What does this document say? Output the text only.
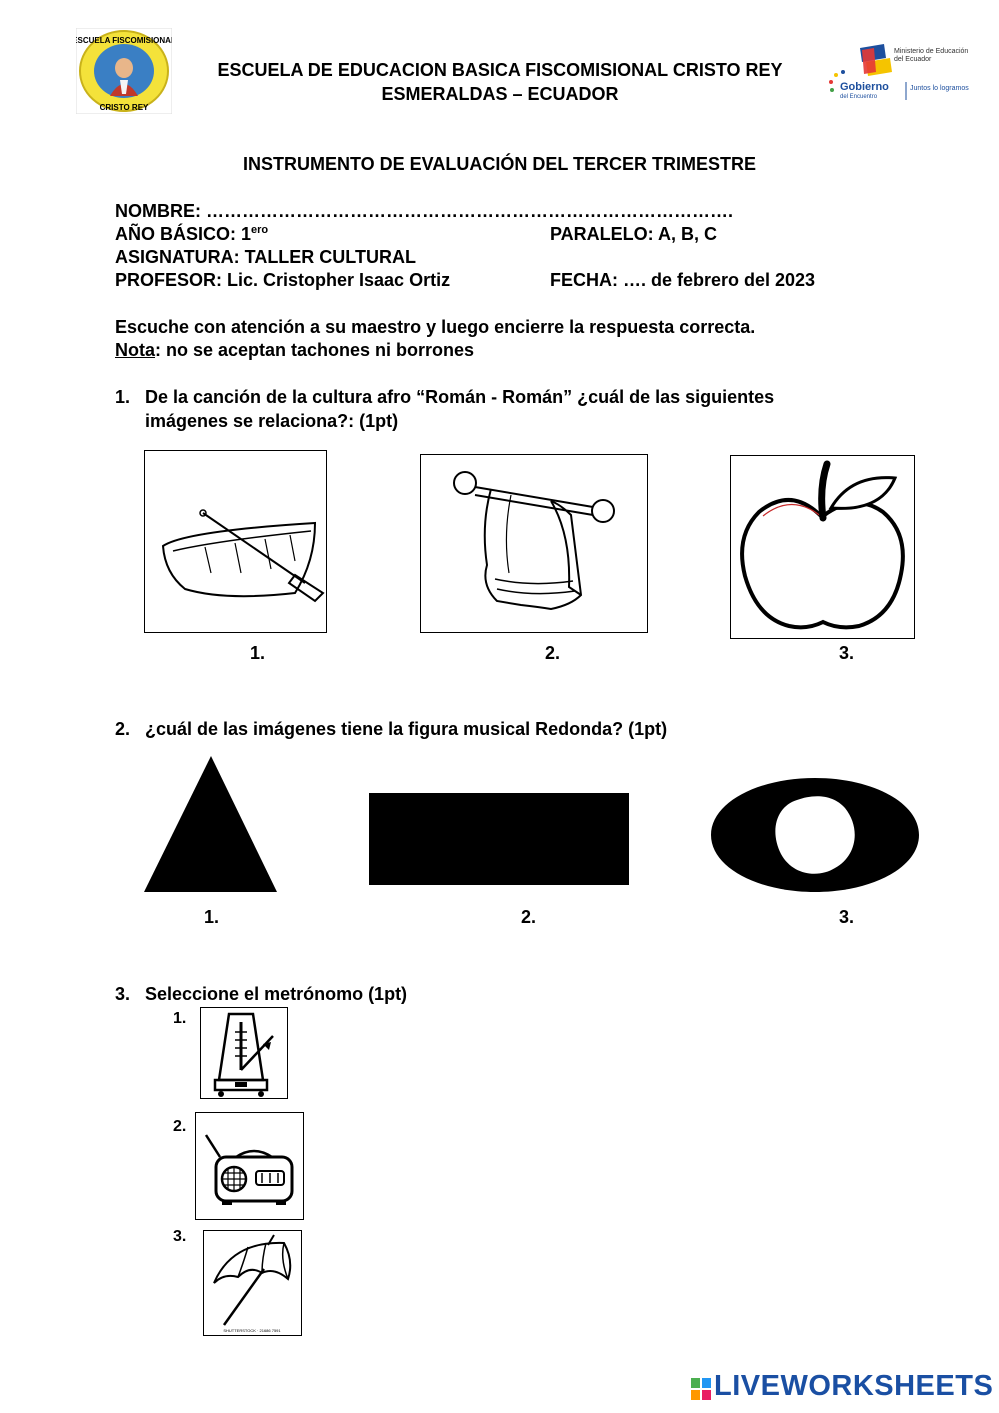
ESCUELA FISCOMISIONAL
CRISTO REY
ESCUELA DE EDUCACION BASICA FISCOMISIONAL CRISTO REY
ESMERALDAS – ECUADOR	Gobierno
del Encuentro
Juntos lo logramos
Ministerio de Educación del Ecuador
INSTRUMENTO DE EVALUACIÓN DEL TERCER TRIMESTRE
NOMBRE: …………………………………………………………………………….
AÑO BÁSICO: $1^{ero}$	PARALELO: A, B, C
ASIGNATURA: TALLER CULTURAL
PROFESOR: Lic. Cristopher Isaac Ortiz	FECHA: …. de febrero del 2023
Escuche con atención a su maestro y luego encierre la respuesta correcta.
Nota: no se aceptan tachones ni borrones
1. De la canción de la cultura afro “Román - Román” ¿cuál de las siguientes
imágenes se relaciona?: (1pt)
1.	2.	3.
2. ¿cuál de las imágenes tiene la figura musical Redonda? (1pt)
1.	2.	3.
3. Seleccione el metrónomo (1pt)
1.
2.
3.
SHUTTERSTOCK · 21686 7591
LIVEWORKSHEETS
